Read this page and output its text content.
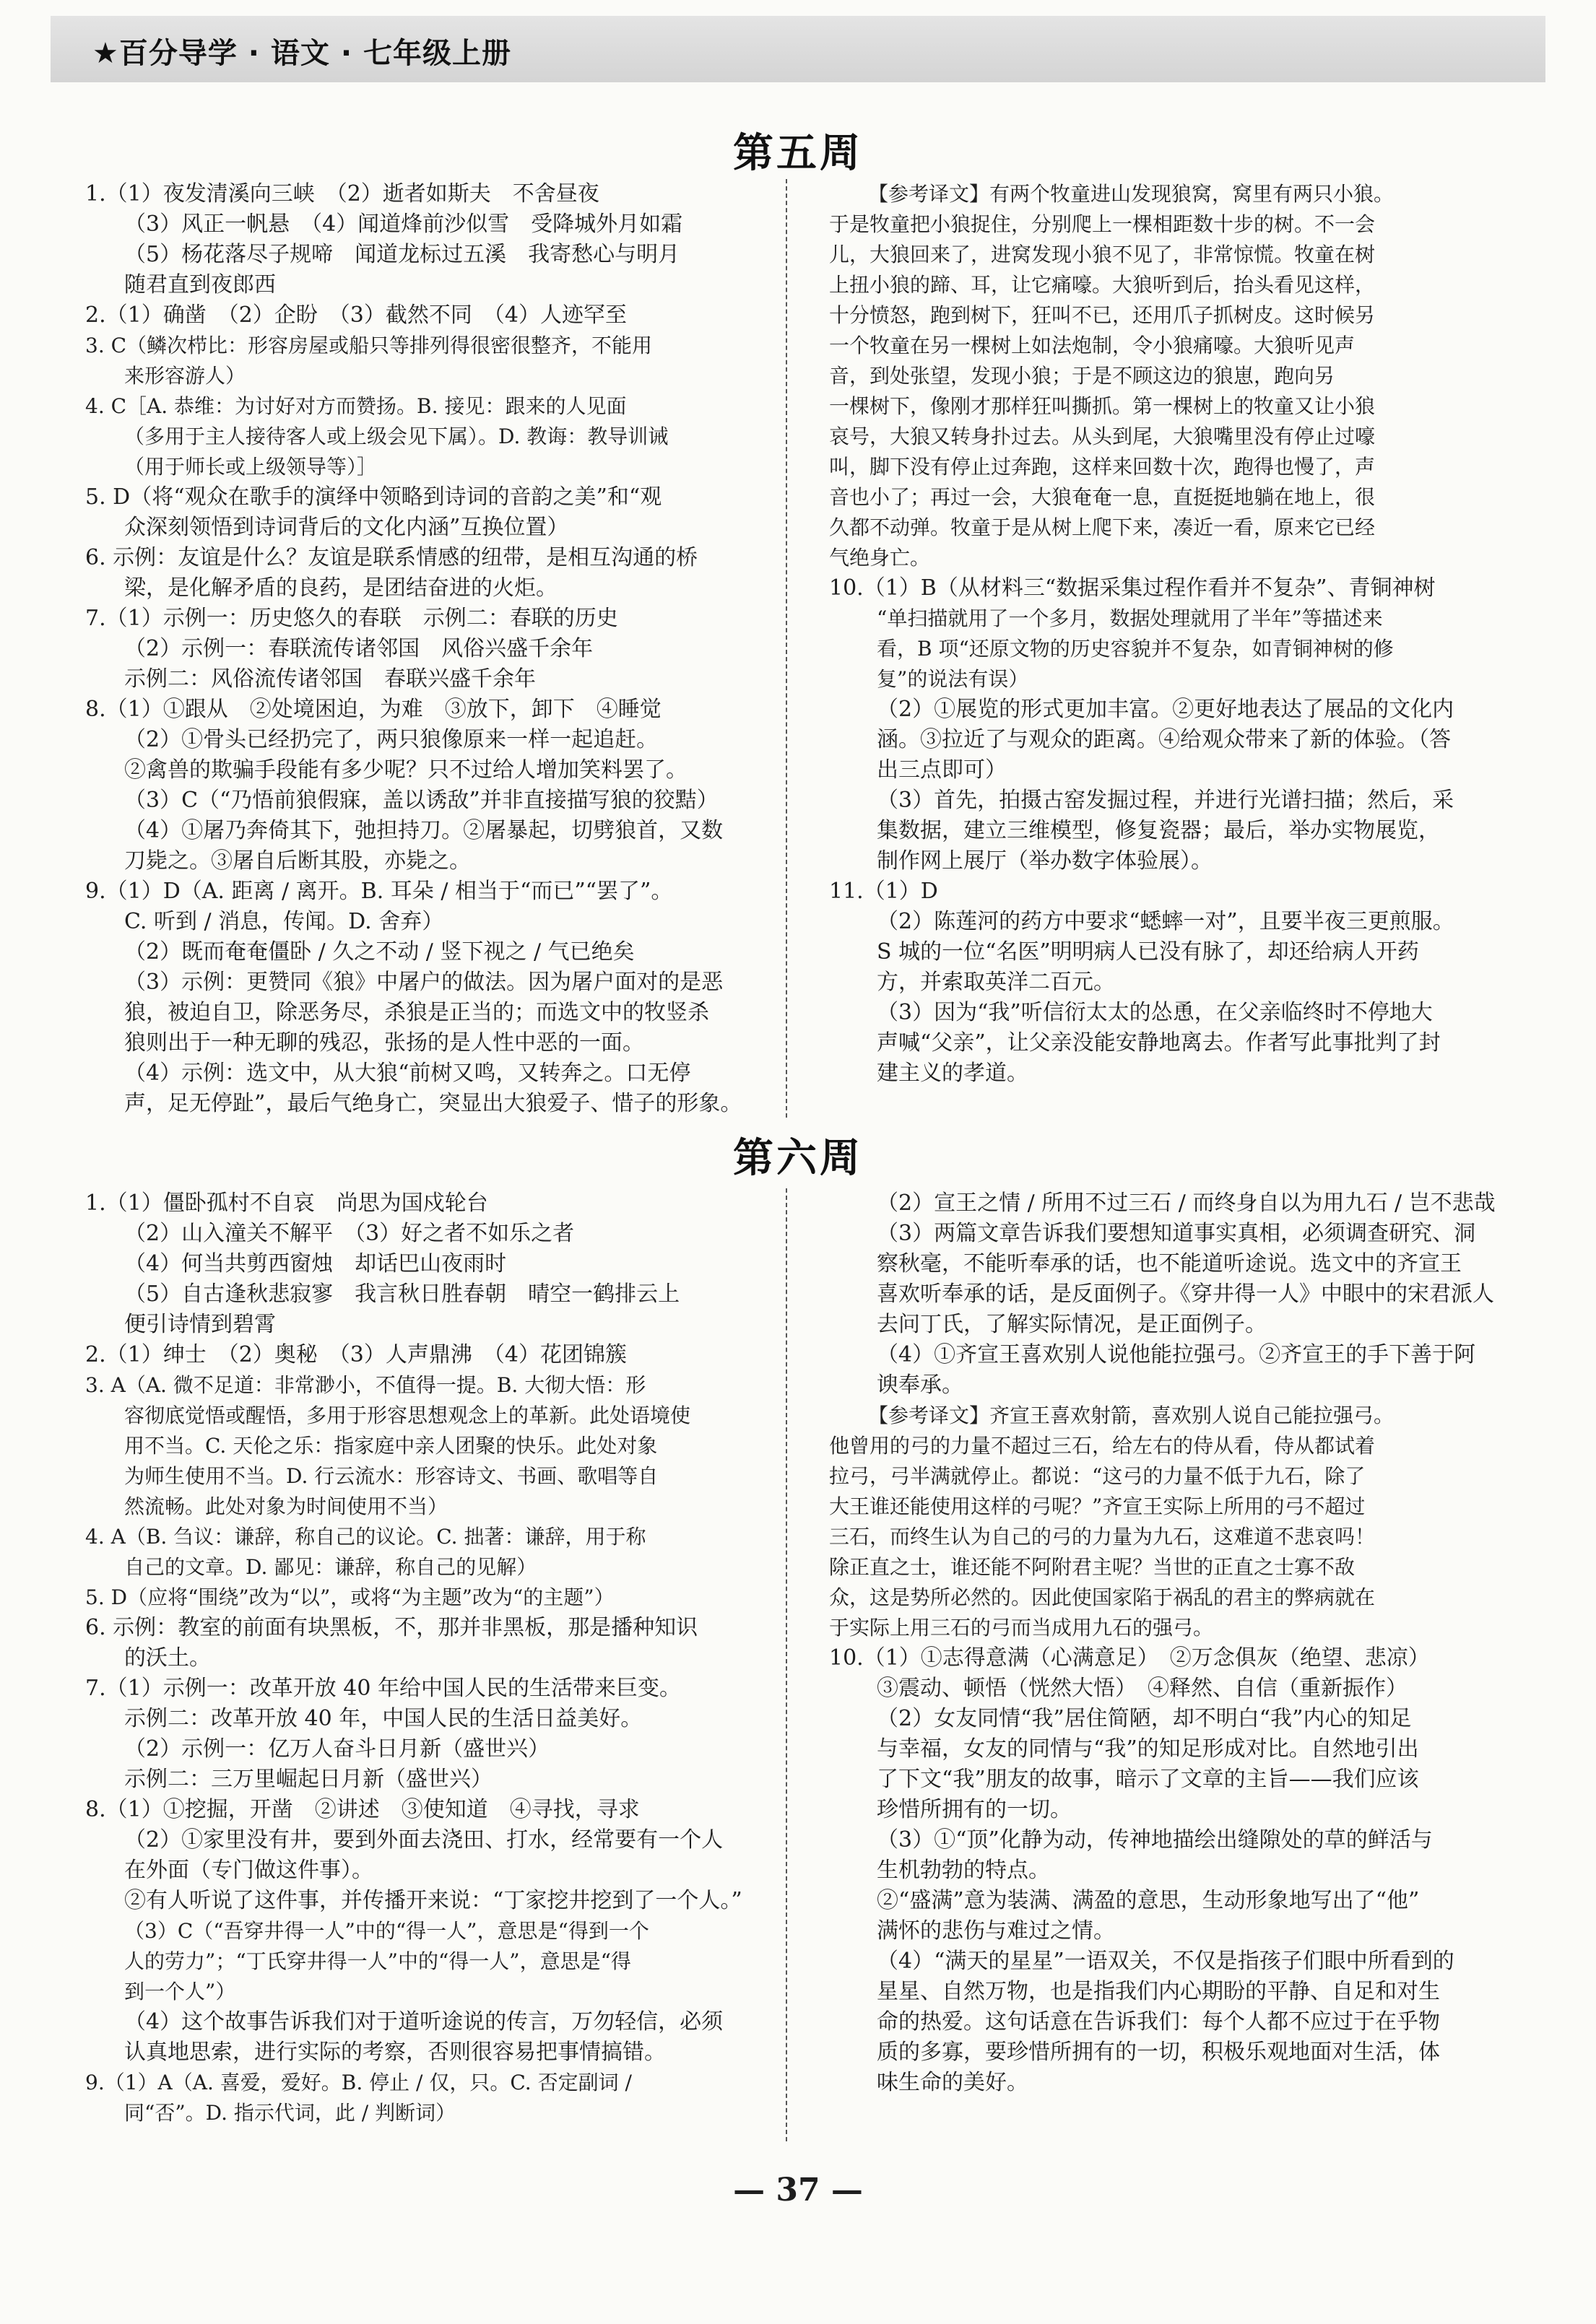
★百分导学 · 语文 · 七年级上册
第五周

1.（1）夜发清溪向三峡　（2）逝者如斯夫　不舍昼夜

（3）风正一帆悬　（4）闻道烽前沙似雪　受降城外月如霜

（5）杨花落尽子规啼　闻道龙标过五溪　我寄愁心与明月

随君直到夜郎西

2.（1）确凿　（2）企盼　（3）截然不同　（4）人迹罕至

3. C（鳞次栉比：形容房屋或船只等排列得很密很整齐，不能用

来形容游人）

4. C［A. 恭维：为讨好对方而赞扬。B. 接见：跟来的人见面

（多用于主人接待客人或上级会见下属）。D. 教诲：教导训诫

（用于师长或上级领导等）］

5. D（将“观众在歌手的演绎中领略到诗词的音韵之美”和“观

众深刻领悟到诗词背后的文化内涵”互换位置）

6. 示例：友谊是什么？友谊是联系情感的纽带，是相互沟通的桥

梁，是化解矛盾的良药，是团结奋进的火炬。

7.（1）示例一：历史悠久的春联　示例二：春联的历史

（2）示例一：春联流传诸邻国　风俗兴盛千余年

示例二：风俗流传诸邻国　春联兴盛千余年

8.（1）①跟从　②处境困迫，为难　③放下，卸下　④睡觉

（2）①骨头已经扔完了，两只狼像原来一样一起追赶。

②禽兽的欺骗手段能有多少呢？只不过给人增加笑料罢了。

（3）C（“乃悟前狼假寐，盖以诱敌”并非直接描写狼的狡黠）

（4）①屠乃奔倚其下，弛担持刀。②屠暴起，切劈狼首，又数

刀毙之。③屠自后断其股，亦毙之。

9.（1）D（A. 距离 / 离开。B. 耳朵 / 相当于“而已”“罢了”。

C. 听到 / 消息，传闻。D. 舍弃）

（2）既而奄奄僵卧 / 久之不动 / 竖下视之 / 气已绝矣

（3）示例：更赞同《狼》中屠户的做法。因为屠户面对的是恶

狼，被迫自卫，除恶务尽，杀狼是正当的；而选文中的牧竖杀

狼则出于一种无聊的残忍，张扬的是人性中恶的一面。

（4）示例：选文中，从大狼“前树又鸣，又转奔之。口无停

声，足无停趾”，最后气绝身亡，突显出大狼爱子、惜子的形象。

【参考译文】有两个牧童进山发现狼窝，窝里有两只小狼。

于是牧童把小狼捉住，分别爬上一棵相距数十步的树。不一会

儿，大狼回来了，进窝发现小狼不见了，非常惊慌。牧童在树

上扭小狼的蹄、耳，让它痛嚎。大狼听到后，抬头看见这样，

十分愤怒，跑到树下，狂叫不已，还用爪子抓树皮。这时候另

一个牧童在另一棵树上如法炮制，令小狼痛嚎。大狼听见声

音，到处张望，发现小狼；于是不顾这边的狼崽，跑向另

一棵树下，像刚才那样狂叫撕抓。第一棵树上的牧童又让小狼

哀号，大狼又转身扑过去。从头到尾，大狼嘴里没有停止过嚎

叫，脚下没有停止过奔跑，这样来回数十次，跑得也慢了，声

音也小了；再过一会，大狼奄奄一息，直挺挺地躺在地上，很

久都不动弹。牧童于是从树上爬下来，凑近一看，原来它已经

气绝身亡。

10.（1）B（从材料三“数据采集过程作看并不复杂”、青铜神树

“单扫描就用了一个多月，数据处理就用了半年”等描述来

看，B 项“还原文物的历史容貌并不复杂，如青铜神树的修

复”的说法有误）

（2）①展览的形式更加丰富。②更好地表达了展品的文化内

涵。③拉近了与观众的距离。④给观众带来了新的体验。（答

出三点即可）

（3）首先，拍摄古窑发掘过程，并进行光谱扫描；然后，采

集数据，建立三维模型，修复瓷器；最后，举办实物展览，

制作网上展厅（举办数字体验展）。

11.（1）D

（2）陈莲河的药方中要求“蟋蟀一对”，且要半夜三更煎服。

S 城的一位“名医”明明病人已没有脉了，却还给病人开药

方，并索取英洋二百元。

（3）因为“我”听信衍太太的怂恿，在父亲临终时不停地大

声喊“父亲”，让父亲没能安静地离去。作者写此事批判了封

建主义的孝道。

第六周

1.（1）僵卧孤村不自哀　尚思为国戍轮台

（2）山入潼关不解平　（3）好之者不如乐之者

（4）何当共剪西窗烛　却话巴山夜雨时

（5）自古逢秋悲寂寥　我言秋日胜春朝　晴空一鹤排云上

便引诗情到碧霄

2.（1）绅士　（2）奥秘　（3）人声鼎沸　（4）花团锦簇

3. A（A. 微不足道：非常渺小，不值得一提。B. 大彻大悟：形

容彻底觉悟或醒悟，多用于形容思想观念上的革新。此处语境使

用不当。C. 天伦之乐：指家庭中亲人团聚的快乐。此处对象

为师生使用不当。D. 行云流水：形容诗文、书画、歌唱等自

然流畅。此处对象为时间使用不当）

4. A（B. 刍议：谦辞，称自己的议论。C. 拙著：谦辞，用于称

自己的文章。D. 鄙见：谦辞，称自己的见解）

5. D（应将“围绕”改为“以”，或将“为主题”改为“的主题”）

6. 示例：教室的前面有块黑板，不，那并非黑板，那是播种知识

的沃土。

7.（1）示例一：改革开放 40 年给中国人民的生活带来巨变。

示例二：改革开放 40 年，中国人民的生活日益美好。

（2）示例一：亿万人奋斗日月新（盛世兴）

示例二：三万里崛起日月新（盛世兴）

8.（1）①挖掘，开凿　②讲述　③使知道　④寻找，寻求

（2）①家里没有井，要到外面去浇田、打水，经常要有一个人

在外面（专门做这件事）。

②有人听说了这件事，并传播开来说：“丁家挖井挖到了一个人。”

（3）C（“吾穿井得一人”中的“得一人”，意思是“得到一个

人的劳力”；“丁氏穿井得一人”中的“得一人”，意思是“得

到一个人”）

（4）这个故事告诉我们对于道听途说的传言，万勿轻信，必须

认真地思索，进行实际的考察，否则很容易把事情搞错。

9.（1）A（A. 喜爱，爱好。B. 停止 / 仅，只。C. 否定副词 /

同“否”。D. 指示代词，此 / 判断词）

（2）宣王之情 / 所用不过三石 / 而终身自以为用九石 / 岂不悲哉

（3）两篇文章告诉我们要想知道事实真相，必须调查研究、洞

察秋毫，不能听奉承的话，也不能道听途说。选文中的齐宣王

喜欢听奉承的话，是反面例子。《穿井得一人》中眼中的宋君派人

去问丁氏，了解实际情况，是正面例子。

（4）①齐宣王喜欢别人说他能拉强弓。②齐宣王的手下善于阿

谀奉承。

【参考译文】齐宣王喜欢射箭，喜欢别人说自己能拉强弓。

他曾用的弓的力量不超过三石，给左右的侍从看，侍从都试着

拉弓，弓半满就停止。都说：“这弓的力量不低于九石，除了

大王谁还能使用这样的弓呢？”齐宣王实际上所用的弓不超过

三石，而终生认为自己的弓的力量为九石，这难道不悲哀吗！

除正直之士，谁还能不阿附君主呢？当世的正直之士寡不敌

众，这是势所必然的。因此使国家陷于祸乱的君主的弊病就在

于实际上用三石的弓而当成用九石的强弓。

10.（1）①志得意满（心满意足）　②万念俱灰（绝望、悲凉）

③震动、顿悟（恍然大悟）　④释然、自信（重新振作）

（2）女友同情“我”居住简陋，却不明白“我”内心的知足

与幸福，女友的同情与“我”的知足形成对比。自然地引出

了下文“我”朋友的故事，暗示了文章的主旨——我们应该

珍惜所拥有的一切。

（3）①“顶”化静为动，传神地描绘出缝隙处的草的鲜活与

生机勃勃的特点。

②“盛满”意为装满、满盈的意思，生动形象地写出了“他”

满怀的悲伤与难过之情。

（4）“满天的星星”一语双关，不仅是指孩子们眼中所看到的

星星、自然万物，也是指我们内心期盼的平静、自足和对生

命的热爱。这句话意在告诉我们：每个人都不应过于在乎物

质的多寡，要珍惜所拥有的一切，积极乐观地面对生活，体

味生命的美好。

— 37 —
